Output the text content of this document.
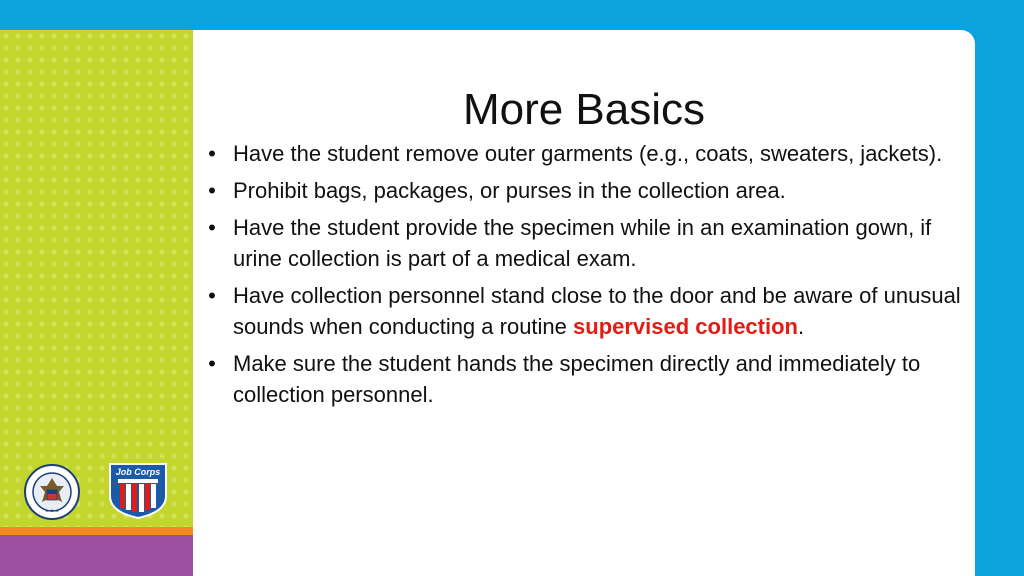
★ ★ ★
Job Corps
More Basics
• Have the student remove outer garments (e.g., coats, sweaters, jackets).
• Prohibit bags, packages, or purses in the collection area.
• Have the student provide the specimen while in an examination gown, if urine collection is part of a medical exam.
• Have collection personnel stand close to the door and be aware of unusual sounds when conducting a routine supervised collection.
• Make sure the student hands the specimen directly and immediately to collection personnel.
